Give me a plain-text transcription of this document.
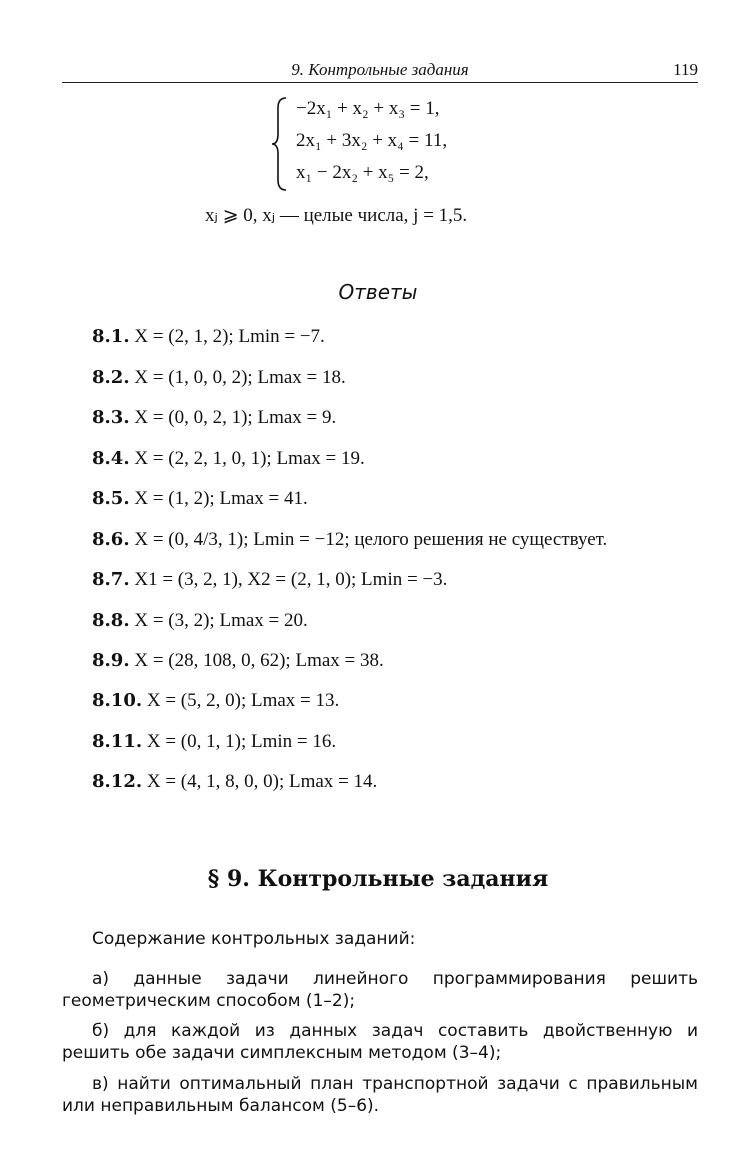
9. Контрольные задания	119
−2x₁ + x₂ + x₃ = 1,
2x₁ + 3x₂ + x₄ = 11,
x₁ − 2x₂ + x₅ = 2,
xⱼ ⩾ 0, xⱼ — целые числа, j = 1,5.
Ответы
8.1. X = (2, 1, 2); Lmin = −7.
8.2. X = (1, 0, 0, 2); Lmax = 18.
8.3. X = (0, 0, 2, 1); Lmax = 9.
8.4. X = (2, 2, 1, 0, 1); Lmax = 19.
8.5. X = (1, 2); Lmax = 41.
8.6. X = (0, 4/3, 1); Lmin = −12; целого решения не существует.
8.7. X1 = (3, 2, 1), X2 = (2, 1, 0); Lmin = −3.
8.8. X = (3, 2); Lmax = 20.
8.9. X = (28, 108, 0, 62); Lmax = 38.
8.10. X = (5, 2, 0); Lmax = 13.
8.11. X = (0, 1, 1); Lmin = 16.
8.12. X = (4, 1, 8, 0, 0); Lmax = 14.
§ 9. Контрольные задания
Содержание контрольных заданий:
а) данные задачи линейного программирования решить геометрическим способом (1–2);
б) для каждой из данных задач составить двойственную и решить обе задачи симплексным методом (3–4);
в) найти оптимальный план транспортной задачи с правильным или неправильным балансом (5–6).
